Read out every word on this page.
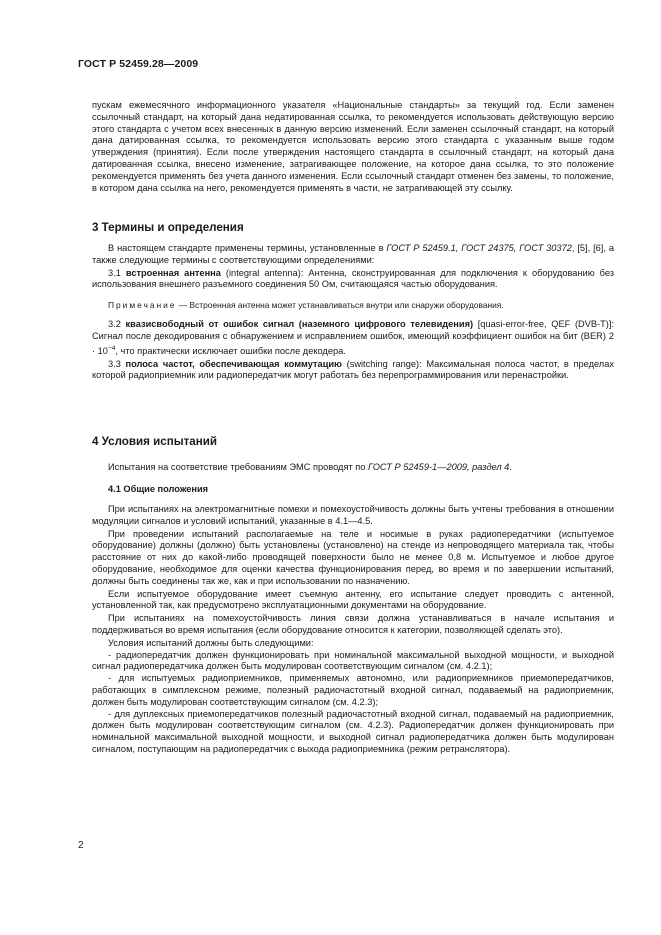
ГОСТ Р 52459.28—2009

пускам ежемесячного информационного указателя «Национальные стандарты» за текущий год. Если заменен ссылочный стандарт, на который дана недатированная ссылка, то рекомендуется использовать действующую версию этого стандарта с учетом всех внесенных в данную версию изменений. Если заменен ссылочный стандарт, на который дана датированная ссылка, то рекомендуется использовать версию этого стандарта с указанным выше годом утверждения (принятия). Если после утверждения настоящего стандарта в ссылочный стандарт, на который дана датированная ссылка, внесено изменение, затрагивающее положение, на которое дана ссылка, то это положение рекомендуется применять без учета данного изменения. Если ссылочный стандарт отменен без замены, то положение, в котором дана ссылка на него, рекомендуется применять в части, не затрагивающей эту ссылку.

3 Термины и определения

В настоящем стандарте применены термины, установленные в ГОСТ Р 52459.1, ГОСТ 24375, ГОСТ 30372, [5], [6], а также следующие термины с соответствующими определениями:

3.1 встроенная антенна (integral antenna): Антенна, сконструированная для подключения к оборудованию без использования внешнего разъемного соединения 50 Ом, считающаяся частью оборудования.

Примечание — Встроенная антенна может устанавливаться внутри или снаружи оборудования.

3.2 квазисвободный от ошибок сигнал (наземного цифрового телевидения) [quasi-error-free, QEF (DVB-T)]: Сигнал после декодирования с обнаружением и исправлением ошибок, имеющий коэффициент ошибок на бит (BER) $2 \cdot 10^{-4}$, что практически исключает ошибки после декодера.

3.3 полоса частот, обеспечивающая коммутацию (switching range): Максимальная полоса частот, в пределах которой радиоприемник или радиопередатчик могут работать без перепрограммирования или перенастройки.

4 Условия испытаний

Испытания на соответствие требованиям ЭМС проводят по ГОСТ Р 52459-1—2009, раздел 4.

4.1 Общие положения

При испытаниях на электромагнитные помехи и помехоустойчивость должны быть учтены требования в отношении модуляции сигналов и условий испытаний, указанные в 4.1—4.5.

При проведении испытаний располагаемые на теле и носимые в руках радиопередатчики (испытуемое оборудование) должны (должно) быть установлены (установлено) на стенде из непроводящего материала так, чтобы расстояние от них до какой-либо проводящей поверхности было не менее 0,8 м. Испытуемое и любое другое оборудование, необходимое для оценки качества функционирования перед, во время и по завершении испытаний, должны быть соединены так же, как и при использовании по назначению.

Если испытуемое оборудование имеет съемную антенну, его испытание следует проводить с антенной, установленной так, как предусмотрено эксплуатационными документами на оборудование.

При испытаниях на помехоустойчивость линия связи должна устанавливаться в начале испытания и поддерживаться во время испытания (если оборудование относится к категории, позволяющей сделать это).

Условия испытаний должны быть следующими:

- радиопередатчик должен функционировать при номинальной максимальной выходной мощности, и выходной сигнал радиопередатчика должен быть модулирован соответствующим сигналом (см. 4.2.1);

- для испытуемых радиоприемников, применяемых автономно, или радиоприемников приемопередатчиков, работающих в симплексном режиме, полезный радиочастотный входной сигнал, подаваемый на радиоприемник, должен быть модулирован соответствующим сигналом (см. 4.2.3);

- для дуплексных приемопередатчиков полезный радиочастотный входной сигнал, подаваемый на радиоприемник, должен быть модулирован соответствующим сигналом (см. 4.2.3). Радиопередатчик должен функционировать при номинальной максимальной выходной мощности, и выходной сигнал радиопередатчика должен быть модулирован сигналом, поступающим на радиопередатчик с выхода радиоприемника (режим ретрансляторa).

2
